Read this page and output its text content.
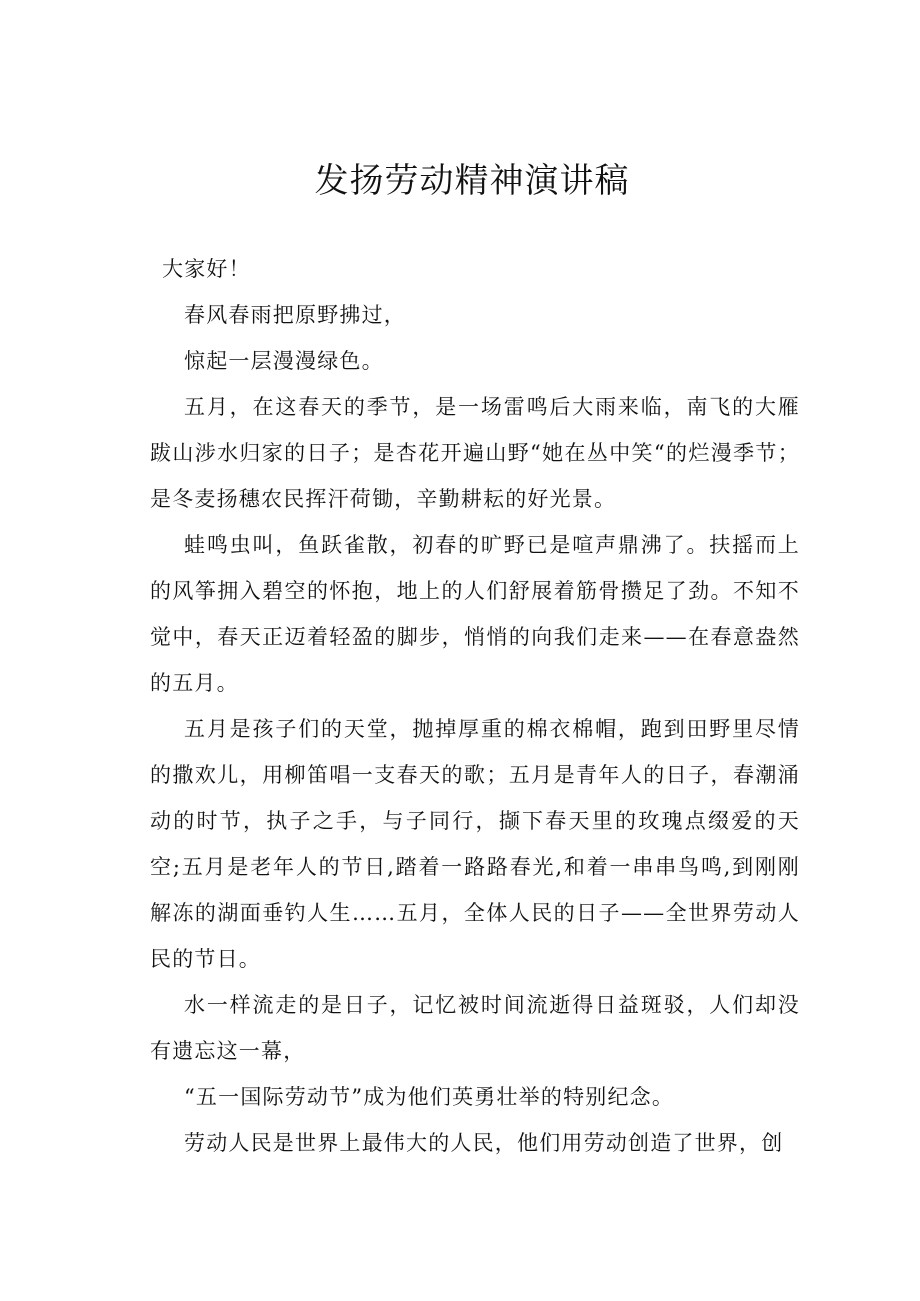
发扬劳动精神演讲稿

大家好！

春风春雨把原野拂过，

惊起一层漫漫绿色。

五月，在这春天的季节，是一场雷鸣后大雨来临，南飞的大雁跋山涉水归家的日子；是杏花开遍山野“她在丛中笑“的烂漫季节；是冬麦扬穗农民挥汗荷锄，辛勤耕耘的好光景。

蛙鸣虫叫，鱼跃雀散，初春的旷野已是喧声鼎沸了。扶摇而上的风筝拥入碧空的怀抱，地上的人们舒展着筋骨攒足了劲。不知不觉中，春天正迈着轻盈的脚步，悄悄的向我们走来——在春意盎然的五月。

五月是孩子们的天堂，抛掉厚重的棉衣棉帽，跑到田野里尽情的撒欢儿，用柳笛唱一支春天的歌；五月是青年人的日子，春潮涌动的时节，执子之手，与子同行，撷下春天里的玫瑰点缀爱的天空;五月是老年人的节日,踏着一路路春光,和着一串串鸟鸣,到刚刚解冻的湖面垂钓人生……五月，全体人民的日子——全世界劳动人民的节日。

水一样流走的是日子，记忆被时间流逝得日益斑驳，人们却没有遗忘这一幕，

“五一国际劳动节”成为他们英勇壮举的特别纪念。

劳动人民是世界上最伟大的人民，他们用劳动创造了世界，创
